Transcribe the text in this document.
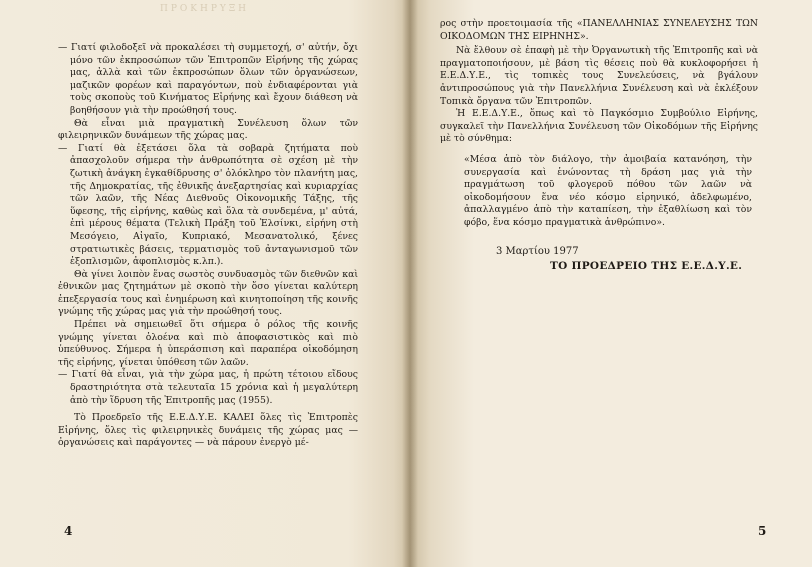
ΠΡΟΚΗΡΥΞΗ

— Γιατί φιλοδοξεῖ νὰ προκαλέσει τὴ συμμετοχή, σ' αὐτήν, ὄχι μόνο τῶν ἐκπροσώπων τῶν Ἐπιτροπῶν Εἰρήνης τῆς χώρας μας, ἀλλὰ καὶ τῶν ἐκπροσώπων ὅλων τῶν ὀργανώσεων, μαζικῶν φορέων καὶ παραγόντων, ποὺ ἐνδιαφέρονται γιὰ τοὺς σκοποὺς τοῦ Κινήματος Εἰρήνης καὶ ἔχουν διάθεση νὰ βοηθήσουν γιὰ τὴν προώθησή τους.

Θὰ εἶναι μιὰ πραγματικὴ Συνέλευση ὅλων τῶν φιλειρηνικῶν δυνάμεων τῆς χώρας μας.

— Γιατί θὰ ἐξετάσει ὅλα τὰ σοβαρὰ ζητήματα ποὺ ἀπασχολοῦν σήμερα τὴν ἀνθρωπότητα σὲ σχέση μὲ τὴν ζωτικὴ ἀνάγκη ἐγκαθίδρυσης σ' ὁλόκληρο τὸν πλανήτη μας, τῆς Δημοκρατίας, τῆς ἐθνικῆς ἀνεξαρτησίας καὶ κυριαρχίας τῶν λαῶν, τῆς Νέας Διεθνοῦς Οἰκονομικῆς Τάξης, τῆς ὕφεσης, τῆς εἰρήνης, καθὼς καὶ ὅλα τὰ συνδεμένα, μ' αὐτά, ἐπὶ μέρους θέματα (Τελικὴ Πράξη τοῦ Ἑλσίνκι, εἰρήνη στὴ Μεσόγειο, Αἰγαῖο, Κυπριακό, Μεσανατολικό, ξένες στρατιωτικὲς βάσεις, τερματισμὸς τοῦ ἀνταγωνισμοῦ τῶν ἐξοπλισμῶν, ἀφοπλισμὸς κ.λπ.).

Θὰ γίνει λοιπὸν ἕνας σωστὸς συνδυασμὸς τῶν διεθνῶν καὶ ἐθνικῶν μας ζητημάτων μὲ σκοπὸ τὴν ὅσο γίνεται καλύτερη ἐπεξεργασία τους καὶ ἐνημέρωση καὶ κινητοποίηση τῆς κοινῆς γνώμης τῆς χώρας μας γιὰ τὴν προώθησή τους.

Πρέπει νὰ σημειωθεῖ ὅτι σήμερα ὁ ρόλος τῆς κοινῆς γνώμης γίνεται ὁλοένα καὶ πιὸ ἀποφασιστικὸς καὶ πιὸ ὑπεύθυνος. Σήμερα ἡ ὑπεράσπιση καὶ παραπέρα οἰκοδόμηση τῆς εἰρήνης, γίνεται ὑπόθεση τῶν λαῶν.

— Γιατί θὰ εἶναι, γιὰ τὴν χώρα μας, ἡ πρώτη τέτοιου εἴδους δραστηριότητα στὰ τελευταῖα 15 χρόνια καὶ ἡ μεγαλύτερη ἀπὸ τὴν ἵδρυση τῆς Ἐπιτροπῆς μας (1955).

Τὸ Προεδρεῖο τῆς Ε.Ε.Δ.Υ.Ε. ΚΑΛΕΙ ὅλες τὶς Ἐπιτροπὲς Εἰρήνης, ὅλες τὶς φιλειρηνικὲς δυνάμεις τῆς χώρας μας — ὀργανώσεις καὶ παράγοντες — νὰ πάρουν ἐνεργὸ μέ-

4	5

ρος στὴν προετοιμασία τῆς «ΠΑΝΕΛΛΗΝΙΑΣ ΣΥΝΕΛΕΥΣΗΣ ΤΩΝ ΟΙΚΟΔΟΜΩΝ ΤΗΣ ΕΙΡΗΝΗΣ».

Νὰ ἔλθουν σὲ ἐπαφὴ μὲ τὴν Ὀργανωτικὴ τῆς Ἐπιτροπῆς καὶ νὰ πραγματοποιήσουν, μὲ βάση τὶς θέσεις ποὺ θὰ κυκλοφορήσει ἡ Ε.Ε.Δ.Υ.Ε., τὶς τοπικὲς τους Συνελεύσεις, νὰ βγάλουν ἀντιπροσώπους γιὰ τὴν Πανελλήνια Συνέλευση καὶ νὰ ἐκλέξουν Τοπικὰ ὄργανα τῶν Ἐπιτροπῶν.

Ἡ Ε.Ε.Δ.Υ.Ε., ὅπως καὶ τὸ Παγκόσμιο Συμβούλιο Εἰρήνης, συγκαλεῖ τὴν Πανελλήνια Συνέλευση τῶν Οἰκοδόμων τῆς Εἰρήνης μὲ τὸ σύνθημα:

«Μέσα ἀπὸ τὸν διάλογο, τὴν ἀμοιβαία κατανόηση, τὴν συνεργασία καὶ ἑνώνοντας τὴ δράση μας γιὰ τὴν πραγμάτωση τοῦ φλογεροῦ πόθου τῶν λαῶν νὰ οἰκοδομήσουν ἕνα νέο κόσμο εἰρηνικό, ἀδελφωμένο, ἀπαλλαγμένο ἀπὸ τὴν καταπίεση, τὴν ἐξαθλίωση καὶ τὸν φόβο, ἕνα κόσμο πραγματικὰ ἀνθρώπινο».

3 Μαρτίου 1977

ΤΟ ΠΡΟΕΔΡΕΙΟ ΤΗΣ Ε.Ε.Δ.Υ.Ε.
